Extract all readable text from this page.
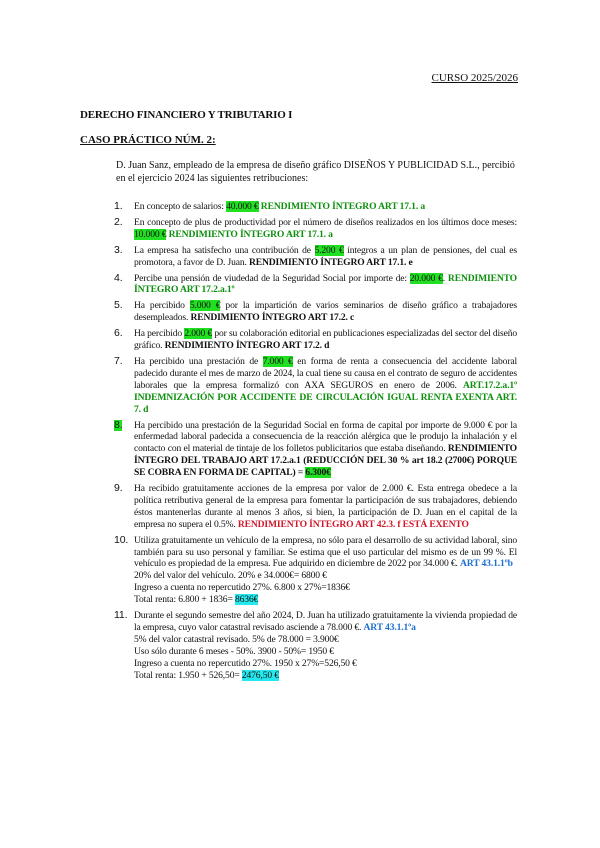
CURSO 2025/2026
DERECHO FINANCIERO Y TRIBUTARIO I
CASO PRÁCTICO NÚM. 2:

D. Juan Sanz, empleado de la empresa de diseño gráfico DISEÑOS Y PUBLICIDAD S.L., percibió en el ejercicio 2024 las siguientes retribuciones:

1. En concepto de salarios: 40.000 € RENDIMIENTO ÍNTEGRO ART 17.1. a
2. En concepto de plus de productividad por el número de diseños realizados en los últimos doce meses: 10.000 € RENDIMIENTO ÍNTEGRO ART 17.1. a
3. La empresa ha satisfecho una contribución de 5.200 € íntegros a un plan de pensiones, del cual es promotora, a favor de D. Juan. RENDIMIENTO ÍNTEGRO ART 17.1. e
4. Percibe una pensión de viudedad de la Seguridad Social por importe de: 20.000 €. RENDIMIENTO ÍNTEGRO ART 17.2.a.1º
5. Ha percibido 5.000 € por la impartición de varios seminarios de diseño gráfico a trabajadores desempleados. RENDIMIENTO ÍNTEGRO ART 17.2. c
6. Ha percibido 2.000 € por su colaboración editorial en publicaciones especializadas del sector del diseño gráfico. RENDIMIENTO ÍNTEGRO ART 17.2. d
7. Ha percibido una prestación de 7.000 € en forma de renta a consecuencia del accidente laboral padecido durante el mes de marzo de 2024, la cual tiene su causa en el contrato de seguro de accidentes laborales que la empresa formalizó con AXA SEGUROS en enero de 2006. ART.17.2.a.1º INDEMNIZACIÓN POR ACCIDENTE DE CIRCULACIÓN IGUAL RENTA EXENTA ART. 7. d
8. Ha percibido una prestación de la Seguridad Social en forma de capital por importe de 9.000 € por la enfermedad laboral padecida a consecuencia de la reacción alérgica que le produjo la inhalación y el contacto con el material de tintaje de los folletos publicitarios que estaba diseñando. RENDIMIENTO ÍNTEGRO DEL TRABAJO ART 17.2.a.1 (REDUCCIÓN DEL 30 % art 18.2 (2700€) PORQUE SE COBRA EN FORMA DE CAPITAL) = 6.300€
9. Ha recibido gratuitamente acciones de la empresa por valor de 2.000 €. Esta entrega obedece a la política retributiva general de la empresa para fomentar la participación de sus trabajadores, debiendo éstos mantenerlas durante al menos 3 años, si bien, la participación de D. Juan en el capital de la empresa no supera el 0.5%. RENDIMIENTO ÍNTEGRO ART 42.3. f ESTÁ EXENTO
10. Utiliza gratuitamente un vehículo de la empresa, no sólo para el desarrollo de su actividad laboral, sino también para su uso personal y familiar. Se estima que el uso particular del mismo es de un 99 %. El vehículo es propiedad de la empresa. Fue adquirido en diciembre de 2022 por 34.000 €. ART 43.1.1ºb
20% del valor del vehículo. 20% e 34.000€= 6800 €
Ingreso a cuenta no repercutido 27%. 6.800 x 27%=1836€
Total renta: 6.800 + 1836= 8636€
11. Durante el segundo semestre del año 2024, D. Juan ha utilizado gratuitamente la vivienda propiedad de la empresa, cuyo valor catastral revisado asciende a 78.000 €. ART 43.1.1ºa
5% del valor catastral revisado. 5% de 78.000 = 3.900€
Uso sólo durante 6 meses - 50%. 3900 - 50%= 1950 €
Ingreso a cuenta no repercutido 27%. 1950 x 27%=526,50 €
Total renta: 1.950 + 526,50= 2476,50 €
